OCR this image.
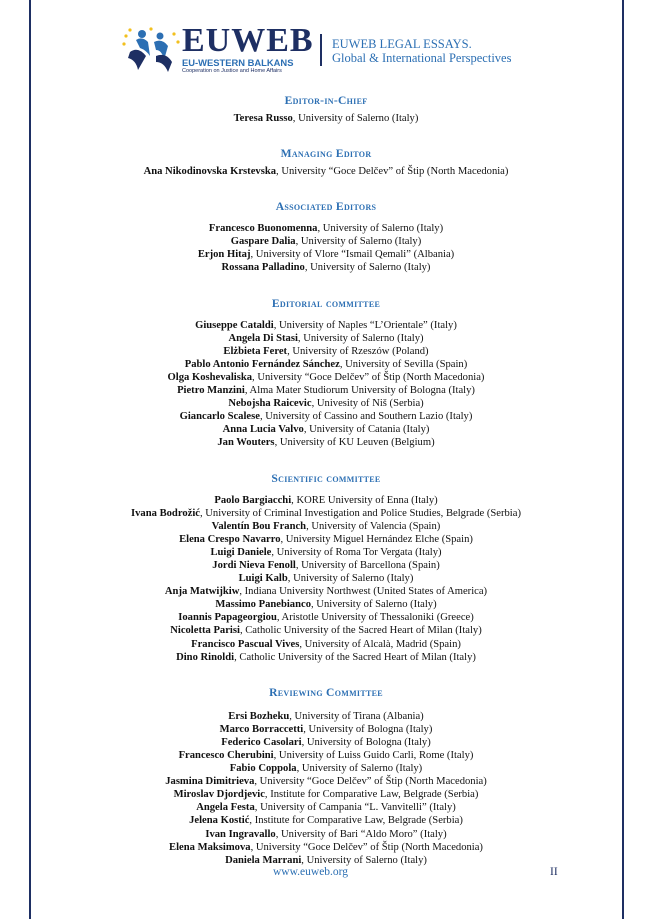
EUWEB
EU-WESTERN BALKANS
Cooperation on Justice and Home Affairs
EUWEB LEGAL ESSAYS.
Global & International Perspectives
Editor-in-Chief
Teresa Russo, University of Salerno (Italy)
Managing Editor
Ana Nikodinovska Krstevska, University “Goce Delčev” of Štip (North Macedonia)
Associated Editors
Francesco Buonomenna, University of Salerno (Italy)
Gaspare Dalia, University of Salerno (Italy)
Erjon Hitaj, University of Vlore “Ismail Qemali” (Albania)
Rossana Palladino, University of Salerno (Italy)
Editorial committee
Giuseppe Cataldi, University of Naples “L’Orientale” (Italy)
Angela Di Stasi, University of Salerno (Italy)
Elżbieta Feret, University of Rzeszów (Poland)
Pablo Antonio Fernández Sánchez, University of Sevilla (Spain)
Olga Koshevaliska, University “Goce Delčev” of Štip (North Macedonia)
Pietro Manzini, Alma Mater Studiorum University of Bologna (Italy)
Nebojsha Raicevic, Univesity of Niš (Serbia)
Giancarlo Scalese, University of Cassino and Southern Lazio (Italy)
Anna Lucia Valvo, University of Catania (Italy)
Jan Wouters, University of KU Leuven (Belgium)
Scientific committee
Paolo Bargiacchi, KORE University of Enna (Italy)
Ivana Bodrožić, University of Criminal Investigation and Police Studies, Belgrade (Serbia)
Valentín Bou Franch, University of Valencia (Spain)
Elena Crespo Navarro, University Miguel Hernández Elche (Spain)
Luigi Daniele, University of Roma Tor Vergata (Italy)
Jordi Nieva Fenoll, University of Barcellona (Spain)
Luigi Kalb, University of Salerno (Italy)
Anja Matwijkiw, Indiana University Northwest (United States of America)
Massimo Panebianco, University of Salerno (Italy)
Ioannis Papageorgiou, Aristotle University of Thessaloniki (Greece)
Nicoletta Parisi, Catholic University of the Sacred Heart of Milan (Italy)
Francisco Pascual Vives, University of Alcalà, Madrid (Spain)
Dino Rinoldi, Catholic University of the Sacred Heart of Milan (Italy)
Reviewing Committee
Ersi Bozheku, University of Tirana (Albania)
Marco Borraccetti, University of Bologna (Italy)
Federico Casolari, University of Bologna (Italy)
Francesco Cherubini, University of Luiss Guido Carli, Rome (Italy)
Fabio Coppola, University of Salerno (Italy)
Jasmina Dimitrieva, University “Goce Delčev” of Štip (North Macedonia)
Miroslav Djordjevic, Institute for Comparative Law, Belgrade (Serbia)
Angela Festa, University of Campania “L. Vanvitelli” (Italy)
Jelena Kostić, Institute for Comparative Law, Belgrade (Serbia)
Ivan Ingravallo, University of Bari “Aldo Moro” (Italy)
Elena Maksimova, University “Goce Delčev” of Štip (North Macedonia)
Daniela Marrani, University of Salerno (Italy)
www.euweb.org	II
